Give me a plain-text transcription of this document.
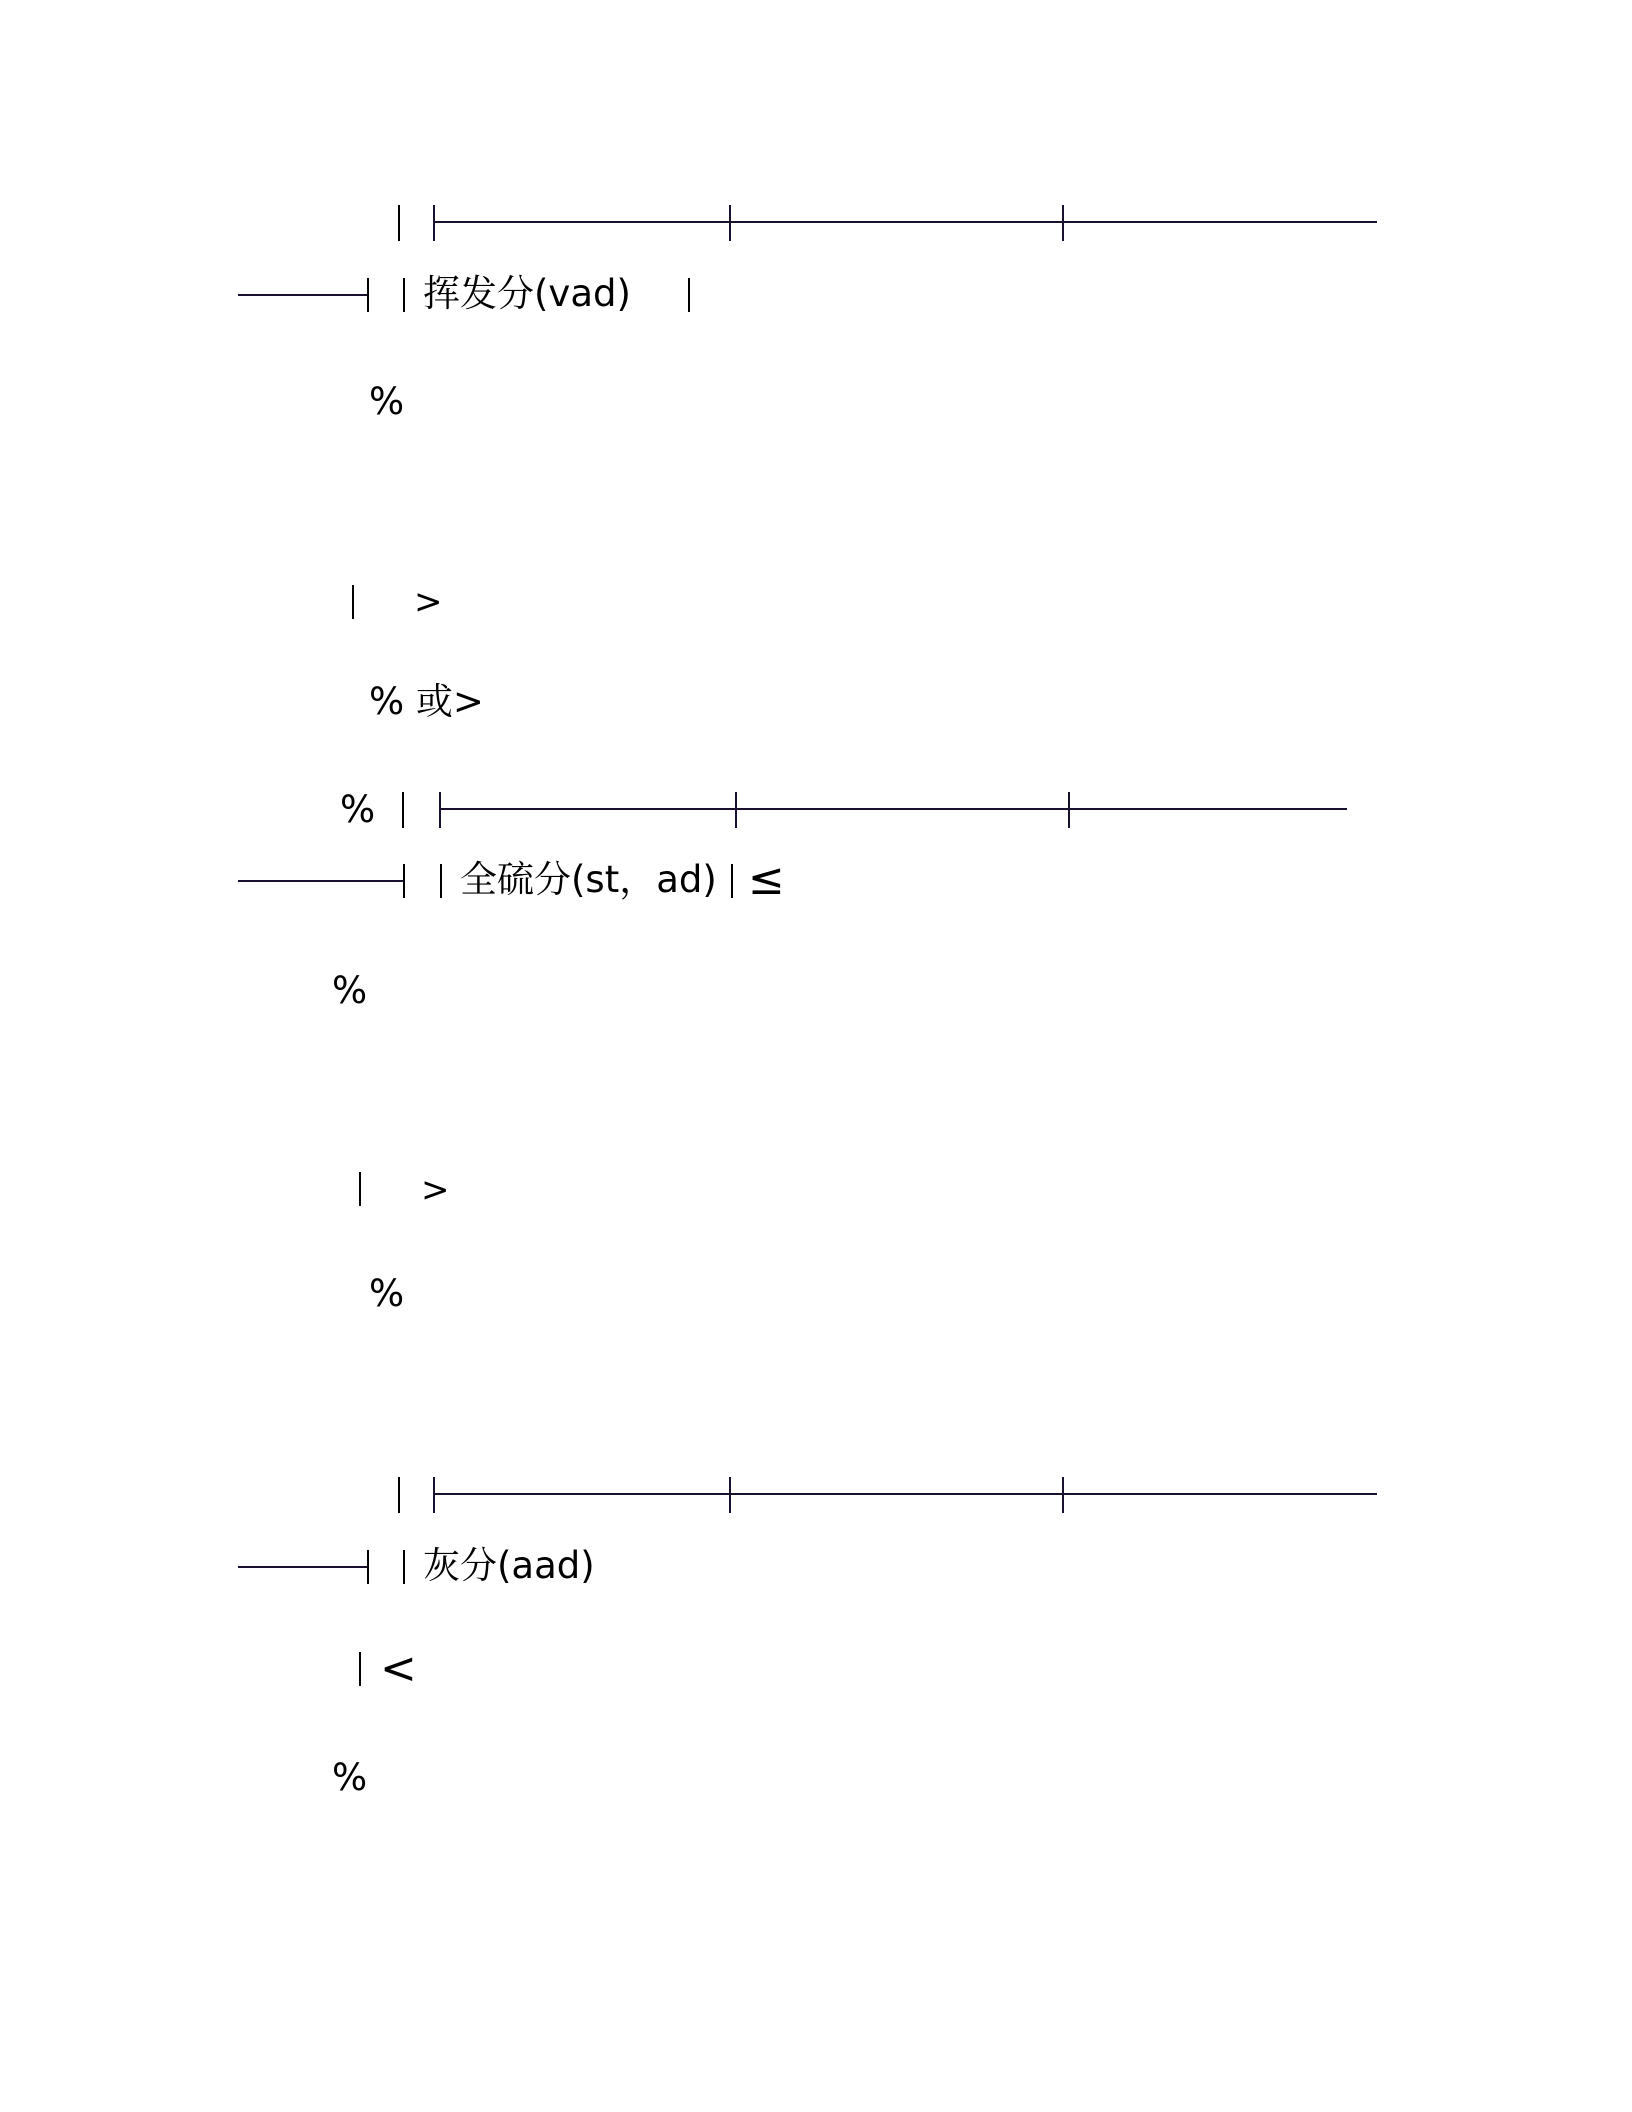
挥发分(vad)
%
>
% 或>
%
全硫分(st，ad) ≤
%
>
%
灰分(aad)
<
%
